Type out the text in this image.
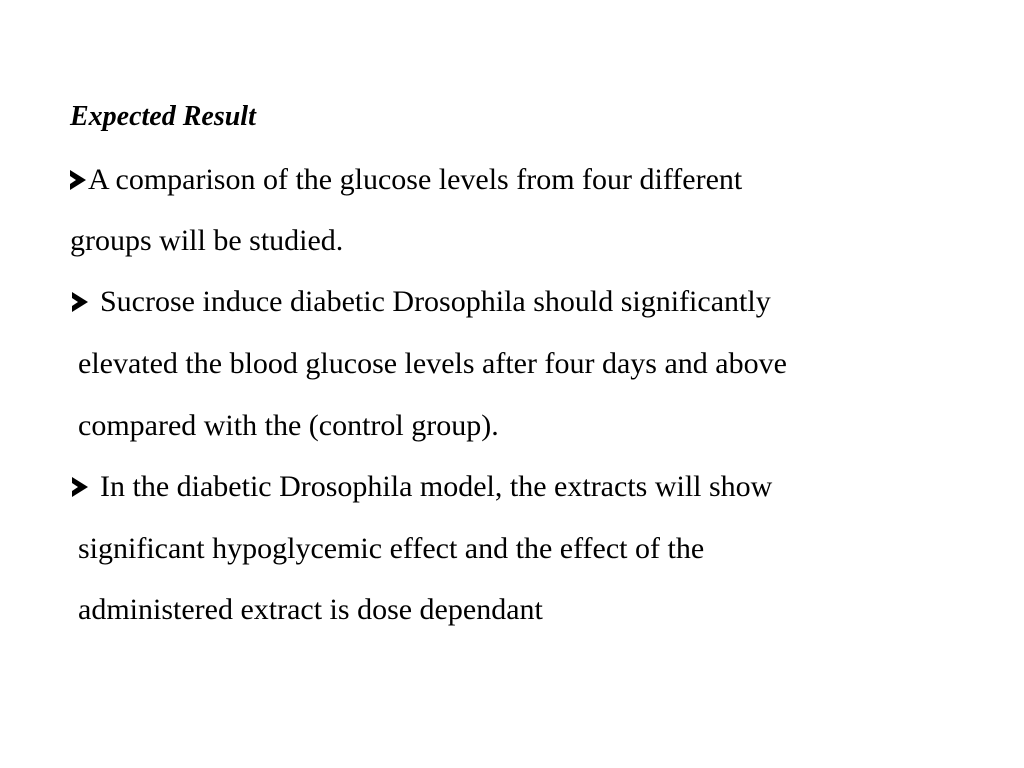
Expected Result
A comparison of the glucose levels from four different
groups will be studied.
Sucrose induce diabetic Drosophila should significantly
elevated the blood glucose levels after four days and above
compared with the (control group).
In the diabetic Drosophila model, the extracts will show
significant hypoglycemic effect and the effect of the
administered extract is dose dependant
